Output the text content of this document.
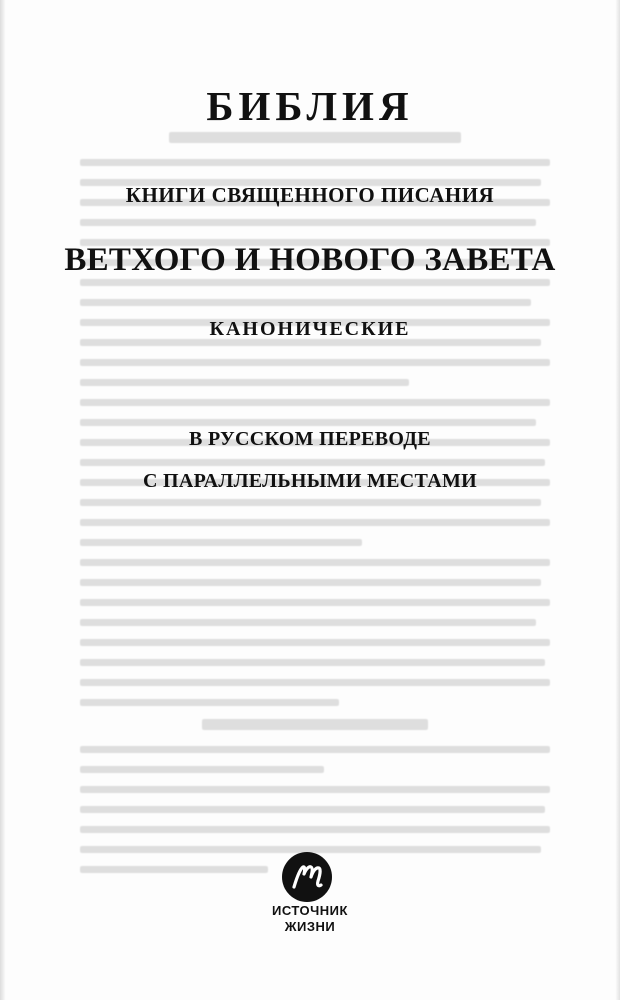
БИБЛИЯ
КНИГИ СВЯЩЕННОГО ПИСАНИЯ
ВЕТХОГО И НОВОГО ЗАВЕТА
КАНОНИЧЕСКИЕ
В РУССКОМ ПЕРЕВОДЕ
С ПАРАЛЛЕЛЬНЫМИ МЕСТАМИ
ИСТОЧНИК
ЖИЗНИ
